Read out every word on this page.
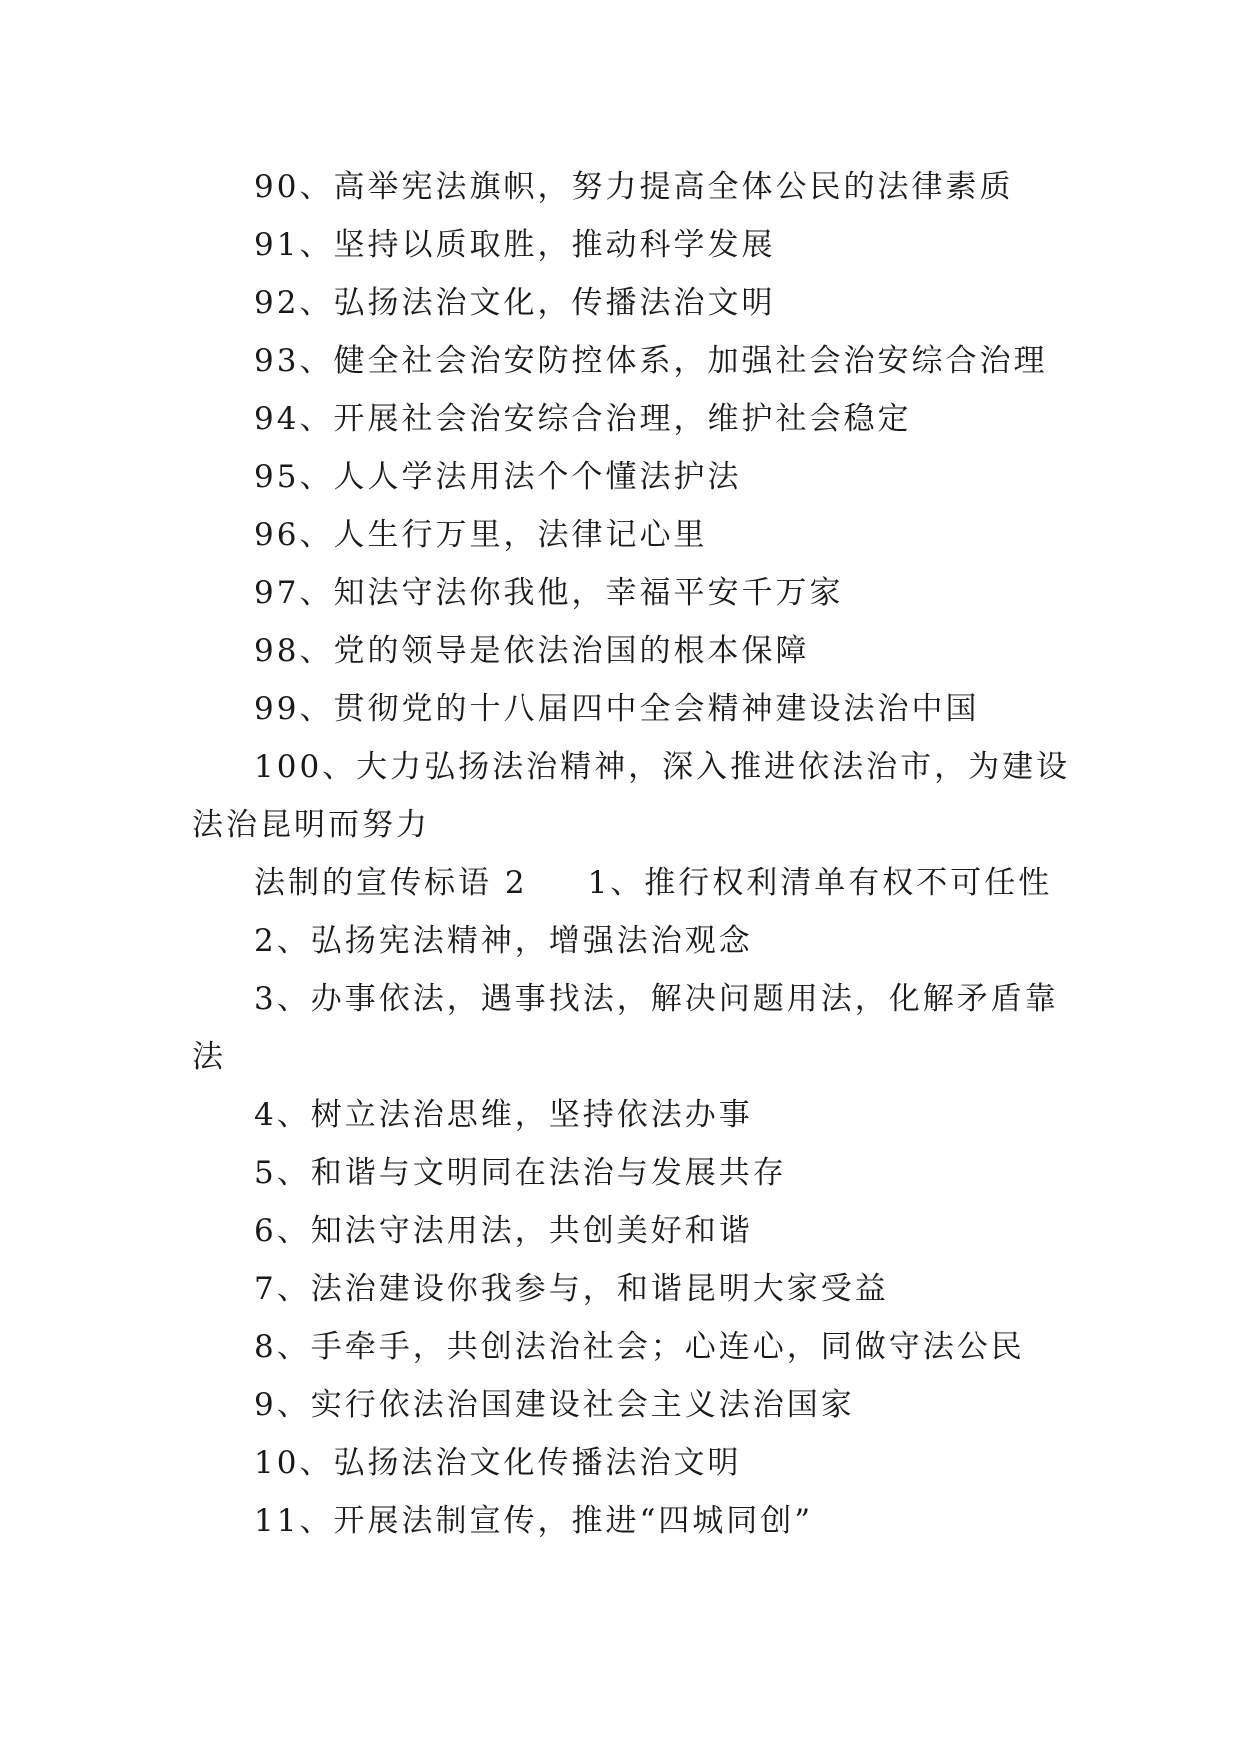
90、高举宪法旗帜，努力提高全体公民的法律素质
91、坚持以质取胜，推动科学发展
92、弘扬法治文化，传播法治文明
93、健全社会治安防控体系，加强社会治安综合治理
94、开展社会治安综合治理，维护社会稳定
95、人人学法用法个个懂法护法
96、人生行万里，法律记心里
97、知法守法你我他，幸福平安千万家
98、党的领导是依法治国的根本保障
99、贯彻党的十八届四中全会精神建设法治中国
100、大力弘扬法治精神，深入推进依法治市，为建设
法治昆明而努力
法制的宣传标语 2 1、推行权利清单有权不可任性
2、弘扬宪法精神，增强法治观念
3、办事依法，遇事找法，解决问题用法，化解矛盾靠
法
4、树立法治思维，坚持依法办事
5、和谐与文明同在法治与发展共存
6、知法守法用法，共创美好和谐
7、法治建设你我参与，和谐昆明大家受益
8、手牵手，共创法治社会；心连心，同做守法公民
9、实行依法治国建设社会主义法治国家
10、弘扬法治文化传播法治文明
11、开展法制宣传，推进“四城同创”
